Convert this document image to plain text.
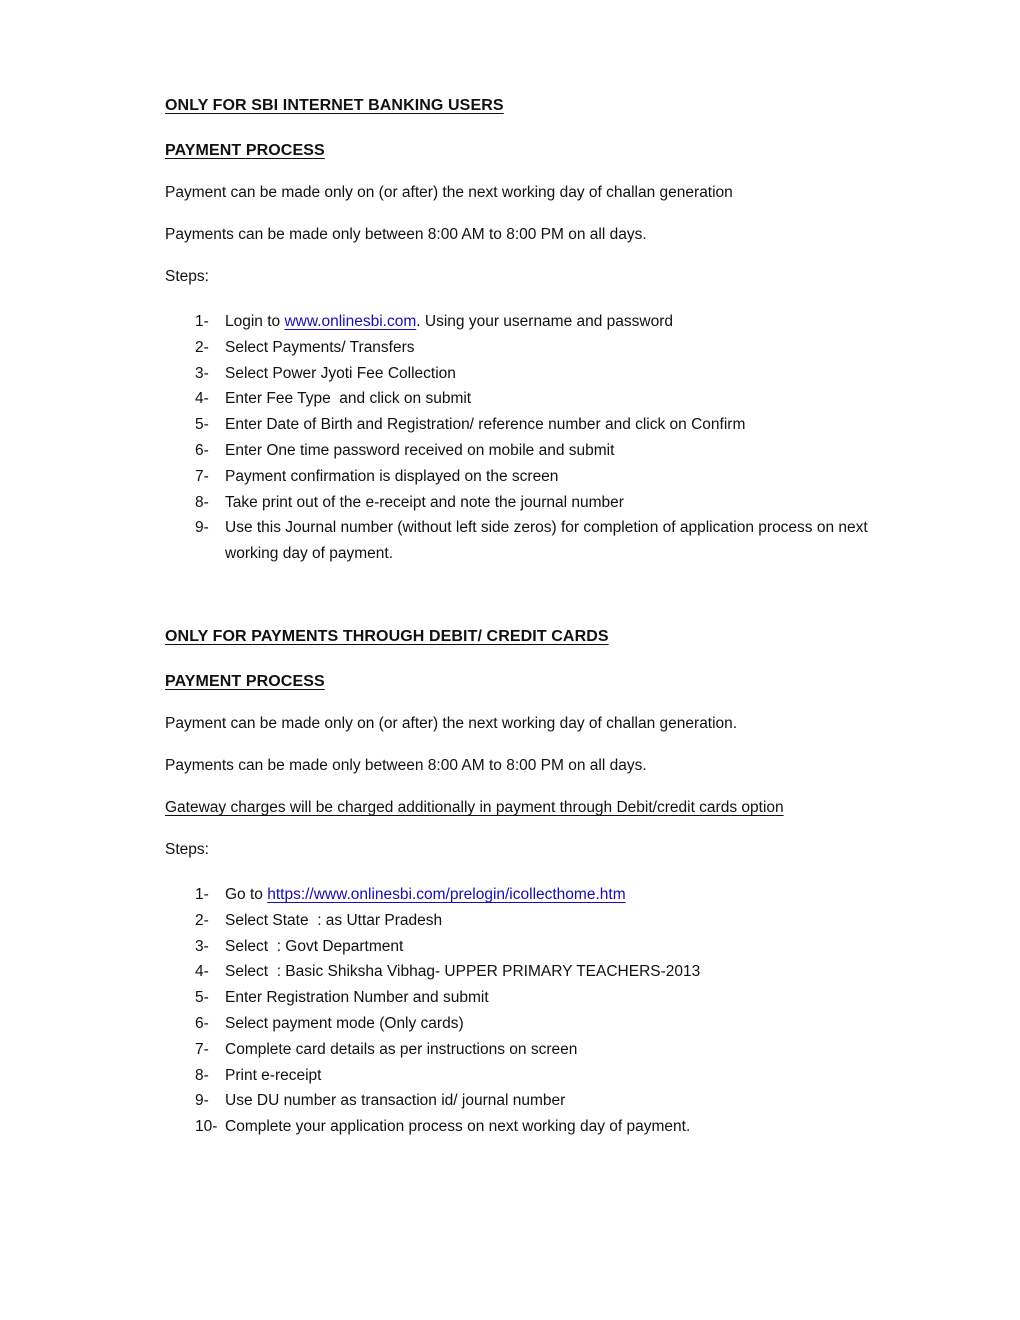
ONLY FOR SBI INTERNET BANKING USERS

PAYMENT PROCESS

Payment can be made only on (or after) the next working day of challan generation

Payments can be made only between 8:00 AM to 8:00 PM on all days.

Steps:

1-	Login to www.onlinesbi.com. Using your username and password
2-	Select Payments/ Transfers
3-	Select Power Jyoti Fee Collection
4-	Enter Fee Type  and click on submit
5-	Enter Date of Birth and Registration/ reference number and click on Confirm
6-	Enter One time password received on mobile and submit
7-	Payment confirmation is displayed on the screen
8-	Take print out of the e-receipt and note the journal number
9-	Use this Journal number (without left side zeros) for completion of application process on next working day of payment.

ONLY FOR PAYMENTS THROUGH DEBIT/ CREDIT CARDS

PAYMENT PROCESS

Payment can be made only on (or after) the next working day of challan generation.

Payments can be made only between 8:00 AM to 8:00 PM on all days.

Gateway charges will be charged additionally in payment through Debit/credit cards option

Steps:

1-	Go to https://www.onlinesbi.com/prelogin/icollecthome.htm
2-	Select State  : as Uttar Pradesh
3-	Select  : Govt Department
4-	Select  : Basic Shiksha Vibhag- UPPER PRIMARY TEACHERS-2013
5-	Enter Registration Number and submit
6-	Select payment mode (Only cards)
7-	Complete card details as per instructions on screen
8-	Print e-receipt
9-	Use DU number as transaction id/ journal number
10- Complete your application process on next working day of payment.
